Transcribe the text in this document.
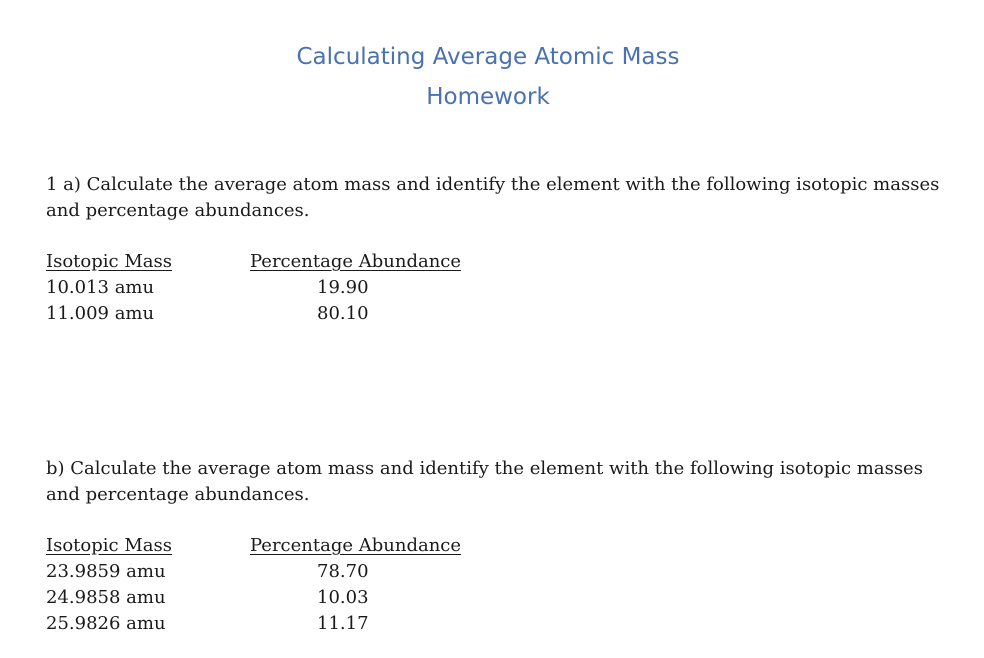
Calculating Average Atomic Mass
Homework
1 a) Calculate the average atom mass and identify the element with the following isotopic masses and percentage abundances.
Isotopic Mass
10.013 amu
11.009 amu
Percentage Abundance
19.90
80.10
b) Calculate the average atom mass and identify the element with the following isotopic masses and percentage abundances.
Isotopic Mass
23.9859 amu
24.9858 amu
25.9826 amu
Percentage Abundance
78.70
10.03
11.17
